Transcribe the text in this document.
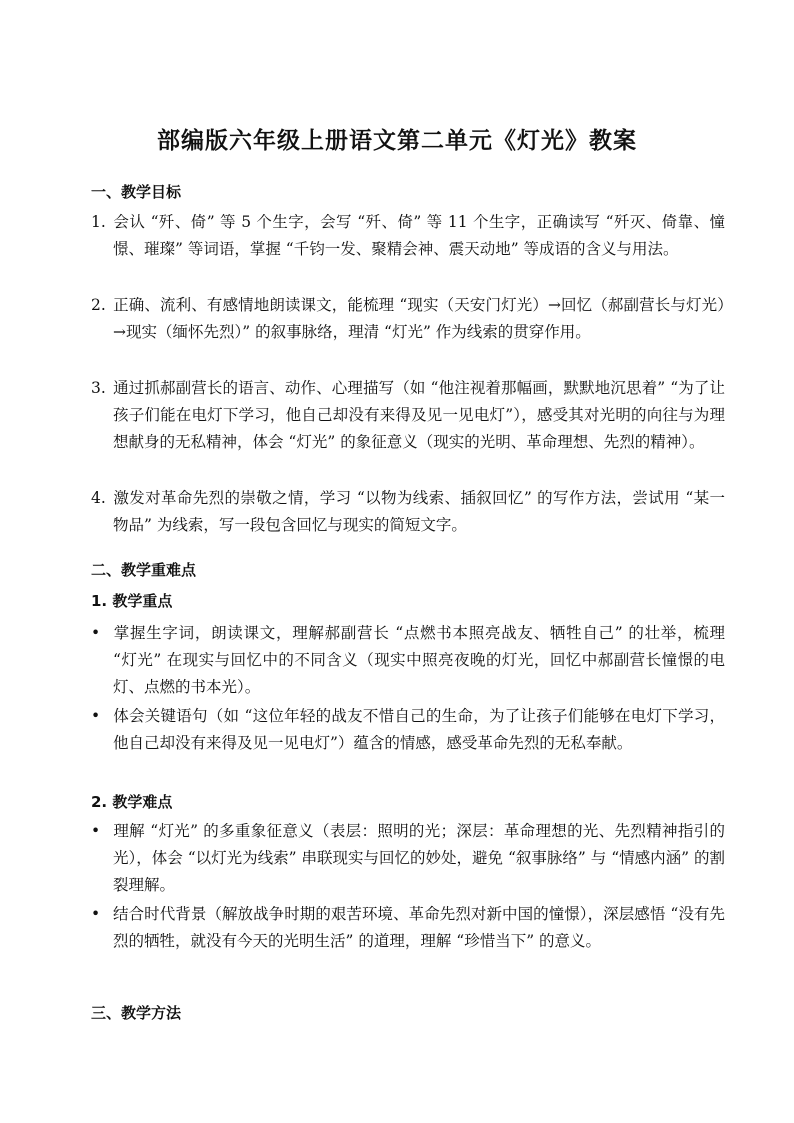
部编版六年级上册语文第二单元《灯光》教案
一、教学目标

1. 会认 “歼、倚” 等 5 个生字，会写 “歼、倚” 等 11 个生字，正确读写 “歼灭、倚靠、憧憬、璀璨” 等词语，掌握 “千钧一发、聚精会神、震天动地” 等成语的含义与用法。

2. 正确、流利、有感情地朗读课文，能梳理 “现实（天安门灯光）→回忆（郝副营长与灯光）→现实（缅怀先烈）” 的叙事脉络，理清 “灯光” 作为线索的贯穿作用。

3. 通过抓郝副营长的语言、动作、心理描写（如 “他注视着那幅画，默默地沉思着” “为了让孩子们能在电灯下学习，他自己却没有来得及见一见电灯”），感受其对光明的向往与为理想献身的无私精神，体会 “灯光” 的象征意义（现实的光明、革命理想、先烈的精神）。

4. 激发对革命先烈的崇敬之情，学习 “以物为线索、插叙回忆” 的写作方法，尝试用 “某一物品” 为线索，写一段包含回忆与现实的简短文字。

二、教学重难点
1. 教学重点

• 掌握生字词，朗读课文，理解郝副营长 “点燃书本照亮战友、牺牲自己” 的壮举，梳理 “灯光” 在现实与回忆中的不同含义（现实中照亮夜晚的灯光，回忆中郝副营长憧憬的电灯、点燃的书本光）。

• 体会关键语句（如 “这位年轻的战友不惜自己的生命，为了让孩子们能够在电灯下学习，他自己却没有来得及见一见电灯”）蕴含的情感，感受革命先烈的无私奉献。

2. 教学难点

• 理解 “灯光” 的多重象征意义（表层：照明的光；深层：革命理想的光、先烈精神指引的光），体会 “以灯光为线索” 串联现实与回忆的妙处，避免 “叙事脉络” 与 “情感内涵” 的割裂理解。

• 结合时代背景（解放战争时期的艰苦环境、革命先烈对新中国的憧憬），深层感悟 “没有先烈的牺牲，就没有今天的光明生活” 的道理，理解 “珍惜当下” 的意义。

三、教学方法
